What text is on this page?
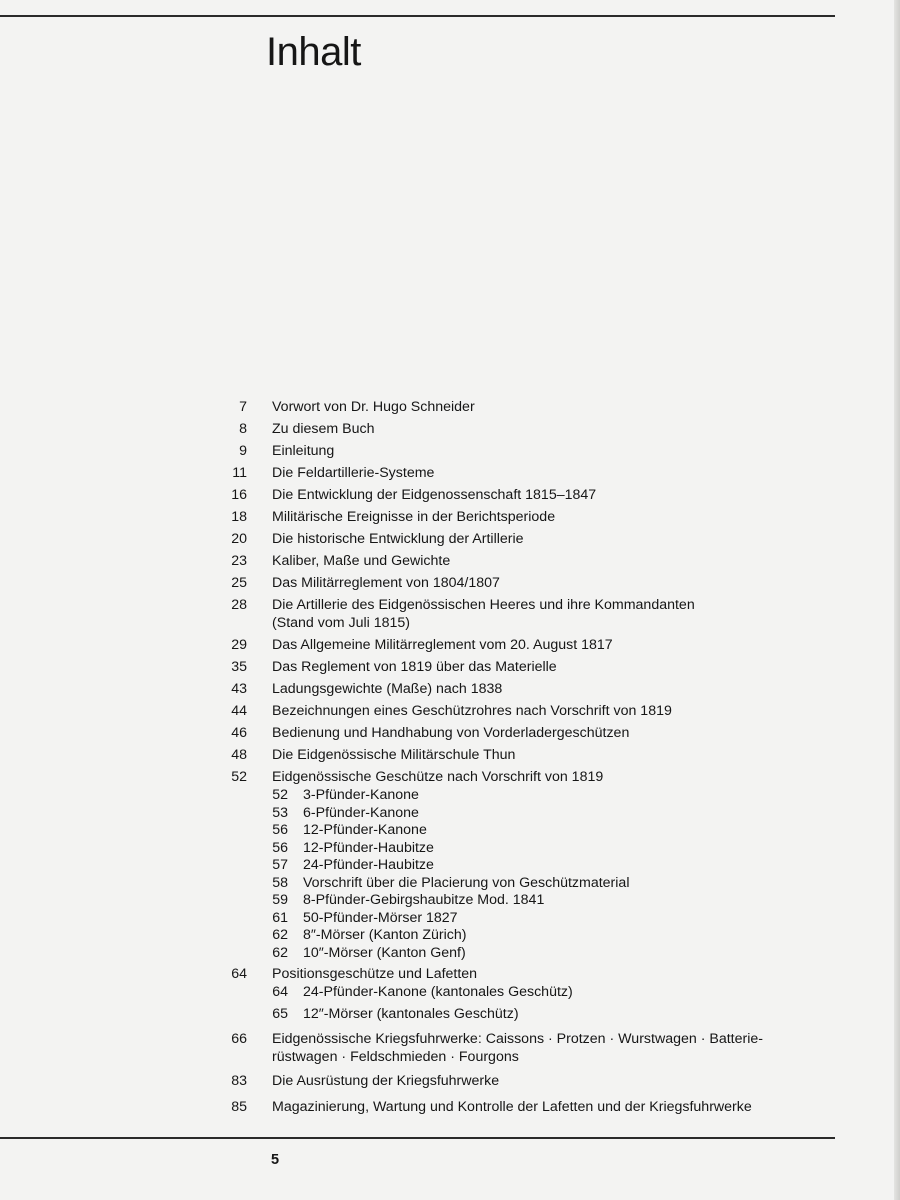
Inhalt
7 Vorwort von Dr. Hugo Schneider
8 Zu diesem Buch
9 Einleitung
11 Die Feldartillerie-Systeme
16 Die Entwicklung der Eidgenossenschaft 1815–1847
18 Militärische Ereignisse in der Berichtsperiode
20 Die historische Entwicklung der Artillerie
23 Kaliber, Maße und Gewichte
25 Das Militärreglement von 1804/1807
28 Die Artillerie des Eidgenössischen Heeres und ihre Kommandanten
(Stand vom Juli 1815)
29 Das Allgemeine Militärreglement vom 20. August 1817
35 Das Reglement von 1819 über das Materielle
43 Ladungsgewichte (Maße) nach 1838
44 Bezeichnungen eines Geschützrohres nach Vorschrift von 1819
46 Bedienung und Handhabung von Vorderladergeschützen
48 Die Eidgenössische Militärschule Thun
52 Eidgenössische Geschütze nach Vorschrift von 1819
52 3-Pfünder-Kanone
53 6-Pfünder-Kanone
56 12-Pfünder-Kanone
56 12-Pfünder-Haubitze
57 24-Pfünder-Haubitze
58 Vorschrift über die Placierung von Geschützmaterial
59 8-Pfünder-Gebirgshaubitze Mod. 1841
61 50-Pfünder-Mörser 1827
62 8″-Mörser (Kanton Zürich)
62 10″-Mörser (Kanton Genf)
64 Positionsgeschütze und Lafetten
64 24-Pfünder-Kanone (kantonales Geschütz)
65 12″-Mörser (kantonales Geschütz)
66 Eidgenössische Kriegsfuhrwerke: Caissons · Protzen · Wurstwagen · Batterie-
rüstwagen · Feldschmieden · Fourgons
83 Die Ausrüstung der Kriegsfuhrwerke
85 Magazinierung, Wartung und Kontrolle der Lafetten und der Kriegsfuhrwerke
5
